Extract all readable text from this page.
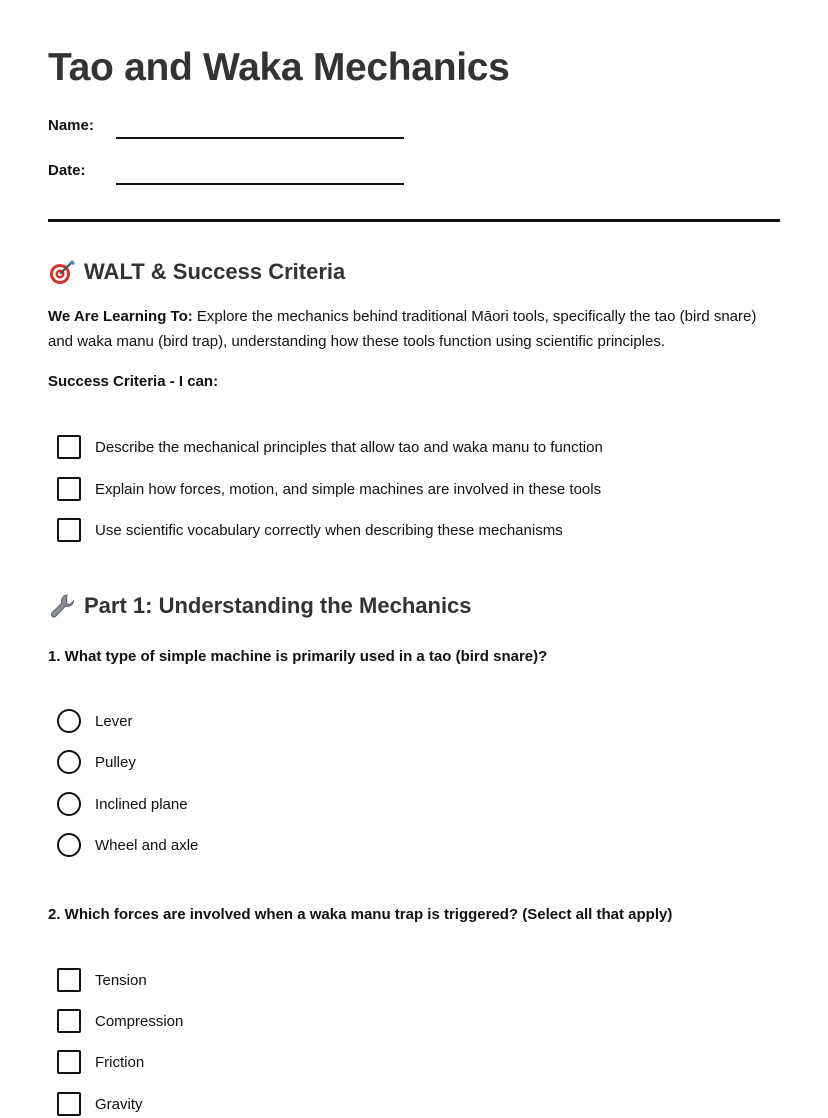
Tao and Waka Mechanics
Name:
Date:
WALT & Success Criteria

We Are Learning To: Explore the mechanics behind traditional Māori tools, specifically the tao (bird snare) and waka manu (bird trap), understanding how these tools function using scientific principles.

Success Criteria - I can:
Describe the mechanical principles that allow tao and waka manu to function
Explain how forces, motion, and simple machines are involved in these tools
Use scientific vocabulary correctly when describing these mechanisms
Part 1: Understanding the Mechanics
1. What type of simple machine is primarily used in a tao (bird snare)?
Lever
Pulley
Inclined plane
Wheel and axle
2. Which forces are involved when a waka manu trap is triggered? (Select all that apply)
Tension
Compression
Friction
Gravity
